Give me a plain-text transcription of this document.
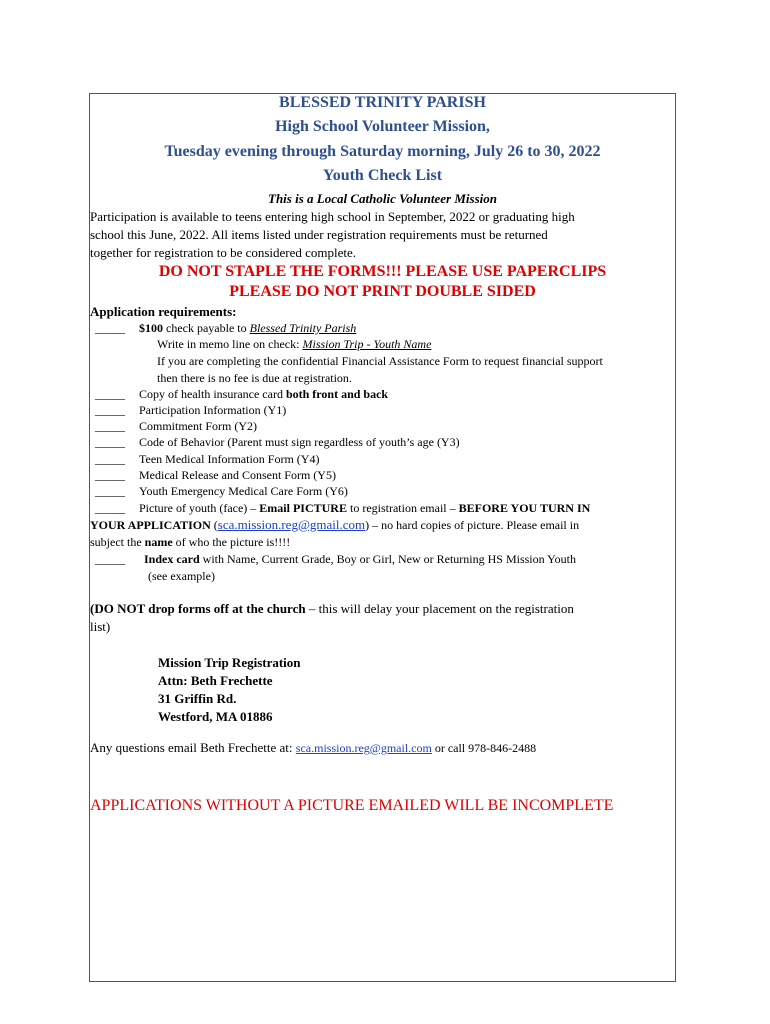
BLESSED TRINITY PARISH
High School Volunteer Mission,
Tuesday evening through Saturday morning, July 26 to 30, 2022
Youth Check List
This is a Local Catholic Volunteer Mission
Participation is available to teens entering high school in September, 2022 or graduating high
school this June, 2022. All items listed under registration requirements must be returned
together for registration to be considered complete.
DO NOT STAPLE THE FORMS!!! PLEASE USE PAPERCLIPS
PLEASE DO NOT PRINT DOUBLE SIDED
Application requirements:
_____ $100 check payable to Blessed Trinity Parish
Write in memo line on check: Mission Trip - Youth Name
If you are completing the confidential Financial Assistance Form to request financial support
then there is no fee is due at registration.
_____ Copy of health insurance card both front and back
_____ Participation Information (Y1)
_____ Commitment Form (Y2)
_____ Code of Behavior (Parent must sign regardless of youth’s age (Y3)
_____ Teen Medical Information Form (Y4)
_____ Medical Release and Consent Form (Y5)
_____ Youth Emergency Medical Care Form (Y6)
_____ Picture of youth (face) – Email PICTURE to registration email – BEFORE YOU TURN IN
YOUR APPLICATION (sca.mission.reg@gmail.com) – no hard copies of picture. Please email in
subject the name of who the picture is!!!!
_____ Index card with Name, Current Grade, Boy or Girl, New or Returning HS Mission Youth
(see example)
(DO NOT drop forms off at the church – this will delay your placement on the registration
list)
Mission Trip Registration
Attn: Beth Frechette
31 Griffin Rd.
Westford, MA 01886
Any questions email Beth Frechette at: sca.mission.reg@gmail.com or call 978-846-2488
APPLICATIONS WITHOUT A PICTURE EMAILED WILL BE INCOMPLETE
